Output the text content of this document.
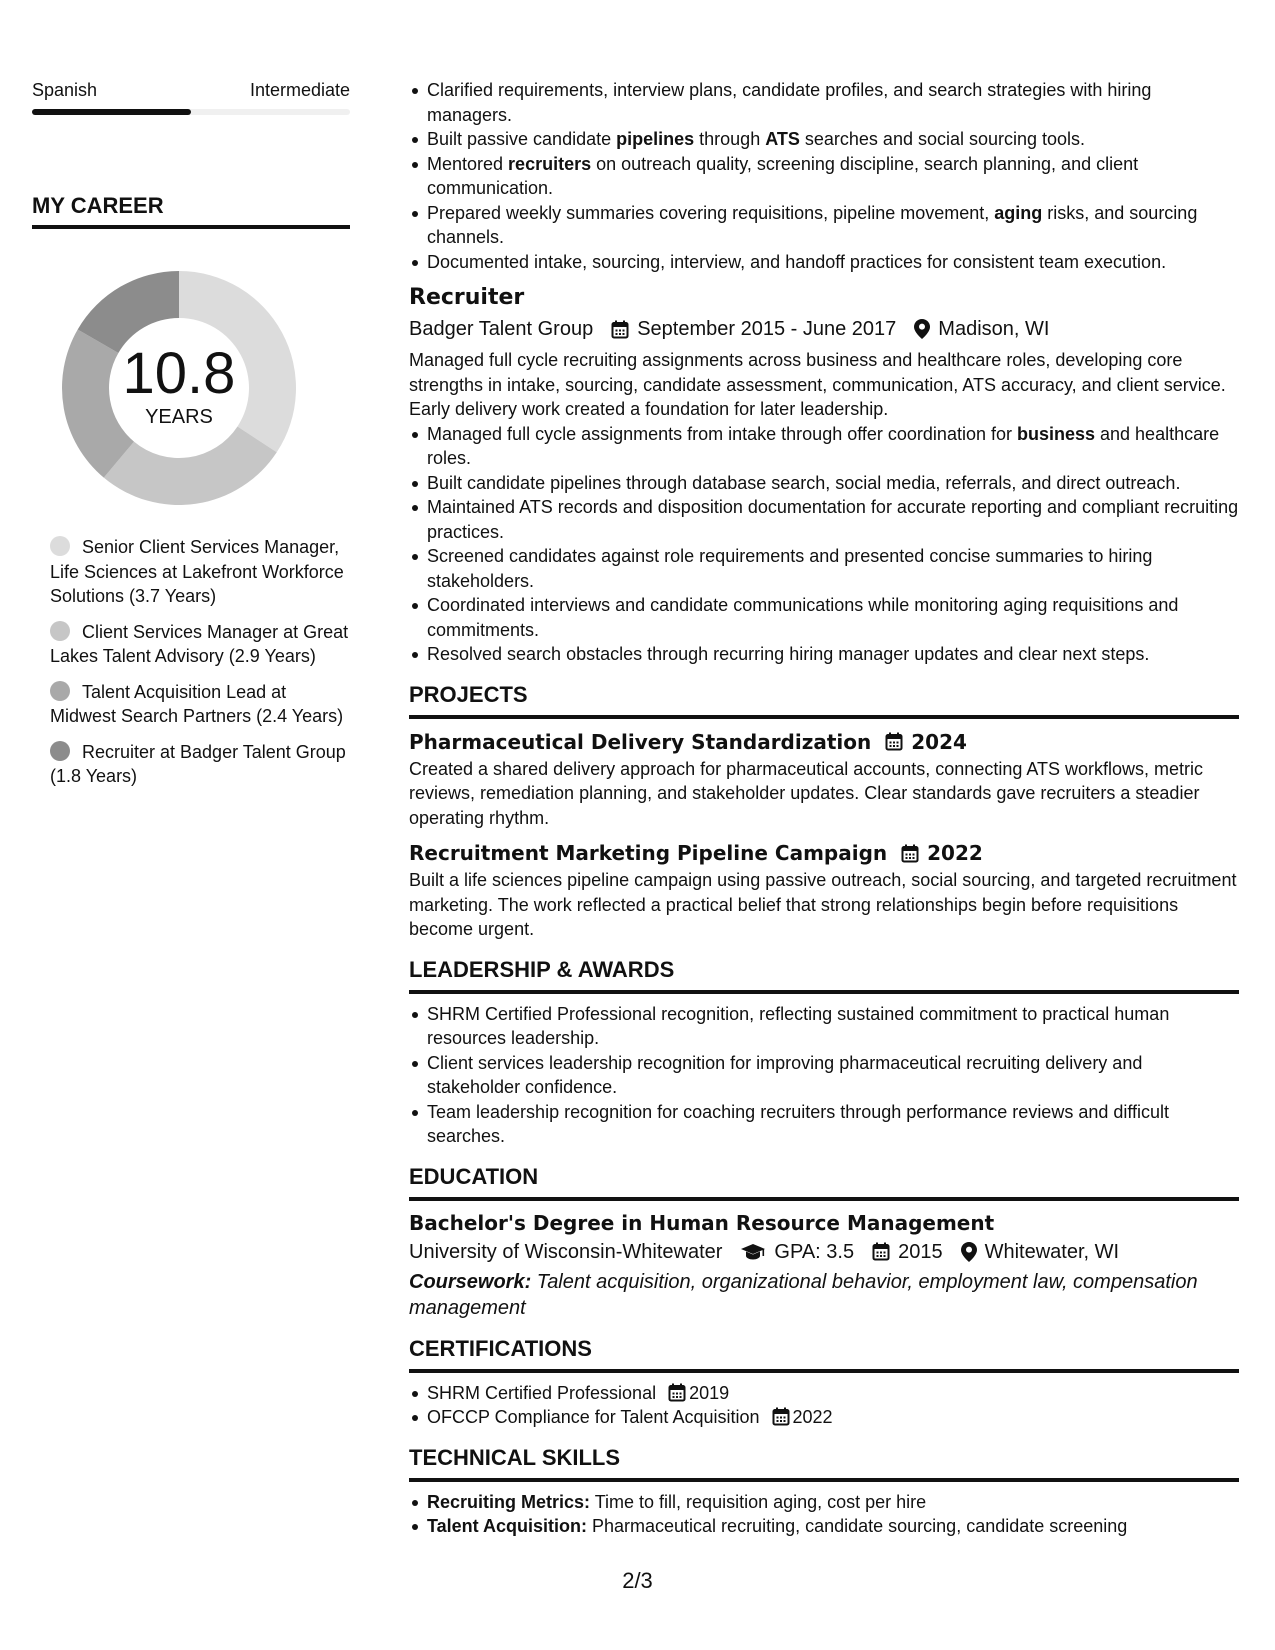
Spanish	Intermediate
MY CAREER
10.8
YEARS
Senior Client Services Manager, Life Sciences at Lakefront Workforce Solutions (3.7 Years)
Client Services Manager at Great Lakes Talent Advisory (2.9 Years)
Talent Acquisition Lead at Midwest Search Partners (2.4 Years)
Recruiter at Badger Talent Group (1.8 Years)
Clarified requirements, interview plans, candidate profiles, and search strategies with hiring managers.
Built passive candidate pipelines through ATS searches and social sourcing tools.
Mentored recruiters on outreach quality, screening discipline, search planning, and client communication.
Prepared weekly summaries covering requisitions, pipeline movement, aging risks, and sourcing channels.
Documented intake, sourcing, interview, and handoff practices for consistent team execution.
Recruiter
Badger Talent Group September 2015 - June 2017 Madison, WI
Managed full cycle recruiting assignments across business and healthcare roles, developing core strengths in intake, sourcing, candidate assessment, communication, ATS accuracy, and client service. Early delivery work created a foundation for later leadership.
Managed full cycle assignments from intake through offer coordination for business and healthcare roles.
Built candidate pipelines through database search, social media, referrals, and direct outreach.
Maintained ATS records and disposition documentation for accurate reporting and compliant recruiting practices.
Screened candidates against role requirements and presented concise summaries to hiring stakeholders.
Coordinated interviews and candidate communications while monitoring aging requisitions and commitments.
Resolved search obstacles through recurring hiring manager updates and clear next steps.
PROJECTS
Pharmaceutical Delivery Standardization 2024
Created a shared delivery approach for pharmaceutical accounts, connecting ATS workflows, metric reviews, remediation planning, and stakeholder updates. Clear standards gave recruiters a steadier operating rhythm.
Recruitment Marketing Pipeline Campaign 2022
Built a life sciences pipeline campaign using passive outreach, social sourcing, and targeted recruitment marketing. The work reflected a practical belief that strong relationships begin before requisitions become urgent.
LEADERSHIP & AWARDS
SHRM Certified Professional recognition, reflecting sustained commitment to practical human resources leadership.
Client services leadership recognition for improving pharmaceutical recruiting delivery and stakeholder confidence.
Team leadership recognition for coaching recruiters through performance reviews and difficult searches.
EDUCATION
Bachelor's Degree in Human Resource Management
University of Wisconsin-Whitewater	GPA: 3.5 2015 Whitewater, WI
Coursework: Talent acquisition, organizational behavior, employment law, compensation management
CERTIFICATIONS
SHRM Certified Professional 2019
OFCCP Compliance for Talent Acquisition 2022
TECHNICAL SKILLS
Recruiting Metrics: Time to fill, requisition aging, cost per hire
Talent Acquisition: Pharmaceutical recruiting, candidate sourcing, candidate screening
2/3
